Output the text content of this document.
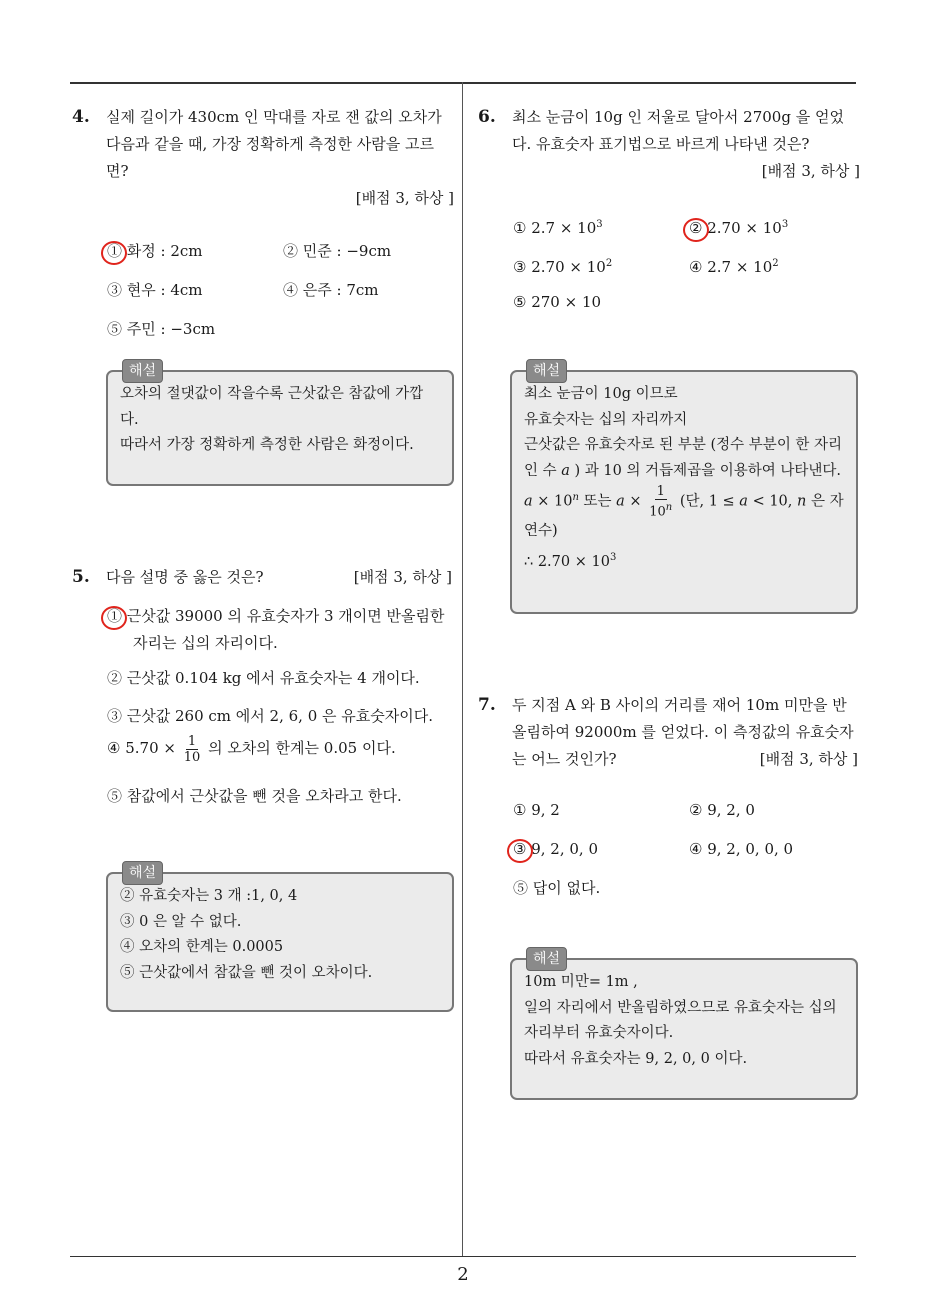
2
4. 실제 길이가 430cm 인 막대를 자로 잰 값의 오차가 다음과 같을 때, 가장 정확하게 측정한 사람을 고르면?
[배점 3, 하상 ]
① 화정 : 2cm	② 민준 : −9cm
③ 현우 : 4cm	④ 은주 : 7cm
⑤ 주민 : −3cm
해설
오차의 절댓값이 작을수록 근삿값은 참값에 가깝다.
따라서 가장 정확하게 측정한 사람은 화정이다.
5. 다음 설명 중 옳은 것은?	[배점 3, 하상 ]
① 근삿값 39000 의 유효숫자가 3 개이면 반올림한
자리는 십의 자리이다.
② 근삿값 0.104 kg 에서 유효숫자는 4 개이다.
③ 근삿값 260 cm 에서 2, 6, 0 은 유효숫자이다.
④ $5.70 \times \frac{1}{10}$ 의 오차의 한계는 0.05 이다.
⑤ 참값에서 근삿값을 뺀 것을 오차라고 한다.
해설
② 유효숫자는 3 개 :1, 0, 4
③ 0 은 알 수 없다.
④ 오차의 한계는 0.0005
⑤ 근삿값에서 참값을 뺀 것이 오차이다.
6. 최소 눈금이 10g 인 저울로 달아서 2700g 을 얻었다. 유효숫자 표기법으로 바르게 나타낸 것은?
[배점 3, 하상 ]
① $2.7 \times 10^3$	② $2.70 \times 10^3$
③ $2.70 \times 10^2$	④ $2.7 \times 10^2$
⑤ 270 × 10
해설
최소 눈금이 10g 이므로
유효숫자는 십의 자리까지
근삿값은 유효숫자로 된 부분 (정수 부분이 한 자리인 수 a ) 과 10 의 거듭제곱을 이용하여 나타낸다.
$a \times 10^n$ 또는 $a \times \frac{1}{10^n}$ (단, 1 ≤ a < 10, n 은 자연수)
∴ $2.70 \times 10^3$
7. 두 지점 A 와 B 사이의 거리를 재어 10m 미만을 반올림하여 92000m 를 얻었다. 이 측정값의 유효숫자는 어느 것인가?	[배점 3, 하상 ]
① 9, 2	② 9, 2, 0
③ 9, 2, 0, 0	④ 9, 2, 0, 0, 0
⑤ 답이 없다.
해설
10m 미만= 1m ,
일의 자리에서 반올림하였으므로 유효숫자는 십의
자리부터 유효숫자이다.
따라서 유효숫자는 9, 2, 0, 0 이다.
